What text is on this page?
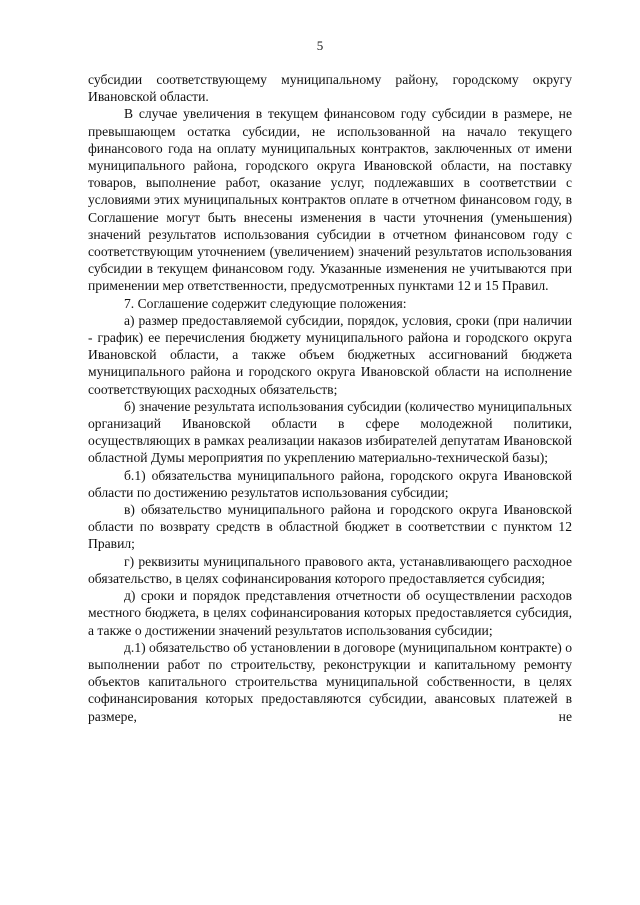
5

субсидии соответствующему муниципальному району, городскому округу Ивановской области.

В случае увеличения в текущем финансовом году субсидии в размере, не превышающем остатка субсидии, не использованной на начало текущего финансового года на оплату муниципальных контрактов, заключенных от имени муниципального района, городского округа Ивановской области, на поставку товаров, выполнение работ, оказание услуг, подлежавших в соответствии с условиями этих муниципальных контрактов оплате в отчетном финансовом году, в Соглашение могут быть внесены изменения в части уточнения (уменьшения) значений результатов использования субсидии в отчетном финансовом году с соответствующим уточнением (увеличением) значений результатов использования субсидии в текущем финансовом году. Указанные изменения не учитываются при применении мер ответственности, предусмотренных пунктами 12 и 15 Правил.

7. Соглашение содержит следующие положения:

а) размер предоставляемой субсидии, порядок, условия, сроки (при наличии - график) ее перечисления бюджету муниципального района и городского округа Ивановской области, а также объем бюджетных ассигнований бюджета муниципального района и городского округа Ивановской области на исполнение соответствующих расходных обязательств;

б) значение результата использования субсидии (количество муниципальных организаций Ивановской области в сфере молодежной политики, осуществляющих в рамках реализации наказов избирателей депутатам Ивановской областной Думы мероприятия по укреплению материально-технической базы);

б.1) обязательства муниципального района, городского округа Ивановской области по достижению результатов использования субсидии;

в) обязательство муниципального района и городского округа Ивановской области по возврату средств в областной бюджет в соответствии с пунктом 12 Правил;

г) реквизиты муниципального правового акта, устанавливающего расходное обязательство, в целях софинансирования которого предоставляется субсидия;

д) сроки и порядок представления отчетности об осуществлении расходов местного бюджета, в целях софинансирования которых предоставляется субсидия, а также о достижении значений результатов использования субсидии;

д.1) обязательство об установлении в договоре (муниципальном контракте) о выполнении работ по строительству, реконструкции и капитальному ремонту объектов капитального строительства муниципальной собственности, в целях софинансирования которых предоставляются субсидии, авансовых платежей в размере, не
